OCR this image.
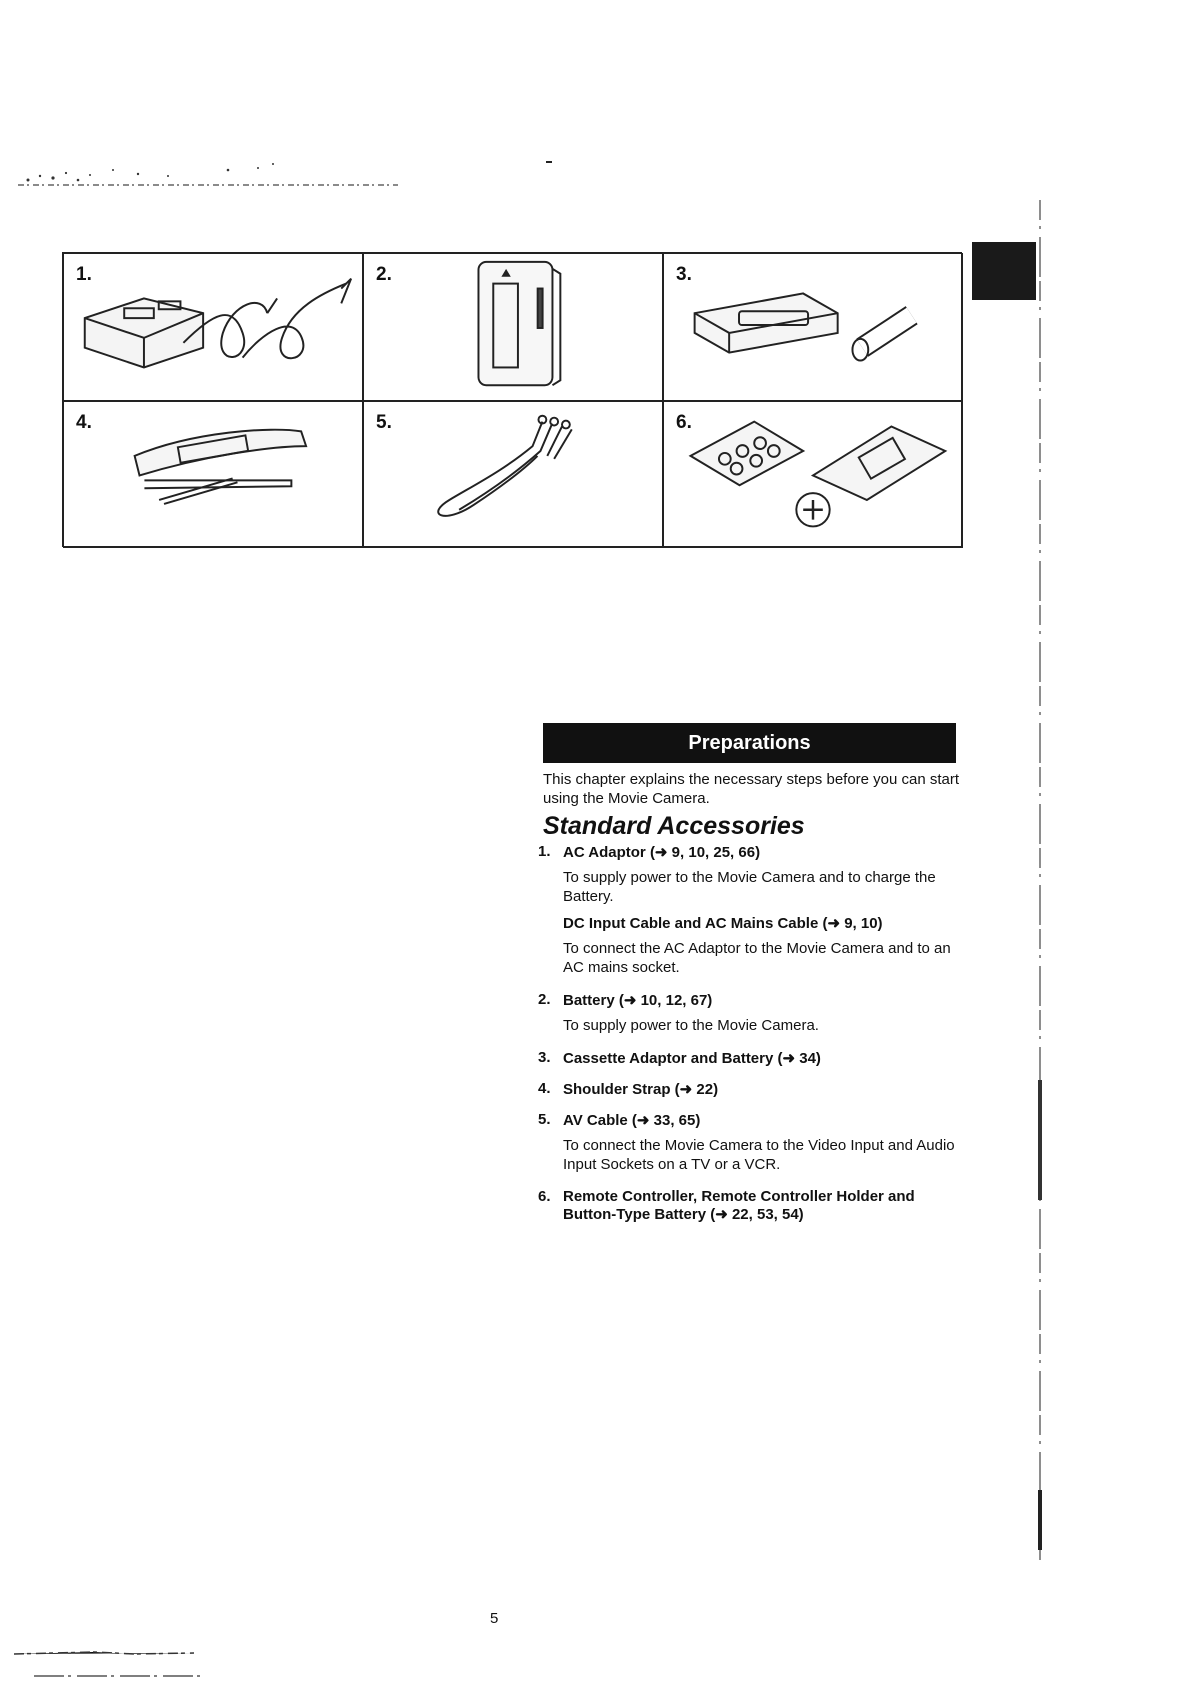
1.	2.	3.
4.	5.	6.
Preparations
This chapter explains the necessary steps before you can start using the Movie Camera.
Standard Accessories
1. AC Adaptor (➜ 9, 10, 25, 66)
To supply power to the Movie Camera and to charge the Battery.
DC Input Cable and AC Mains Cable (➜ 9, 10)
To connect the AC Adaptor to the Movie Camera and to an AC mains socket.
2. Battery (➜ 10, 12, 67)
To supply power to the Movie Camera.
3. Cassette Adaptor and Battery (➜ 34)
4. Shoulder Strap (➜ 22)
5. AV Cable (➜ 33, 65)
To connect the Movie Camera to the Video Input and Audio Input Sockets on a TV or a VCR.
6. Remote Controller, Remote Controller Holder and Button-Type Battery (➜ 22, 53, 54)
5
